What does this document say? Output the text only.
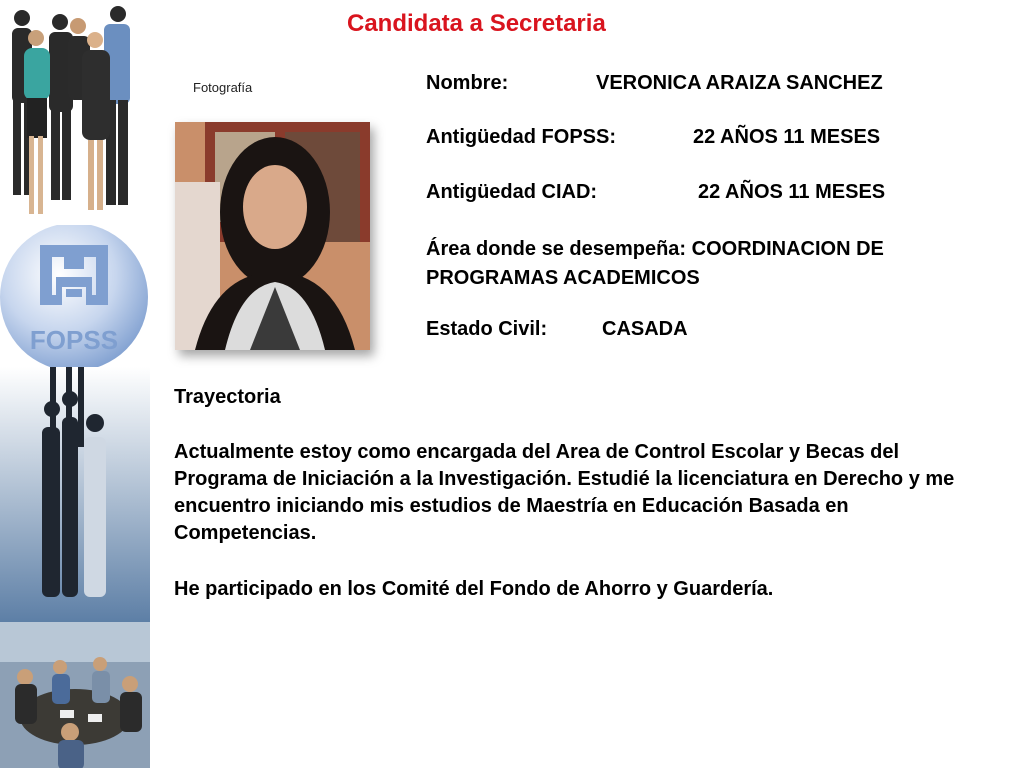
FOPSS
Candidata a Secretaria
Fotografía	Nombre:	VERONICA ARAIZA SANCHEZ
Antigüedad FOPSS:	22 AÑOS 11 MESES
Antigüedad CIAD:	22 AÑOS 11 MESES
Área donde se desempeña: COORDINACION DE PROGRAMAS ACADEMICOS
Estado Civil:	CASADA
Trayectoria
Actualmente estoy como encargada del Area de Control Escolar y Becas del Programa de Iniciación a la Investigación. Estudié la licenciatura en Derecho y me encuentro iniciando mis estudios de Maestría en Educación Basada en Competencias.
He participado en los Comité del Fondo de Ahorro y Guardería.
